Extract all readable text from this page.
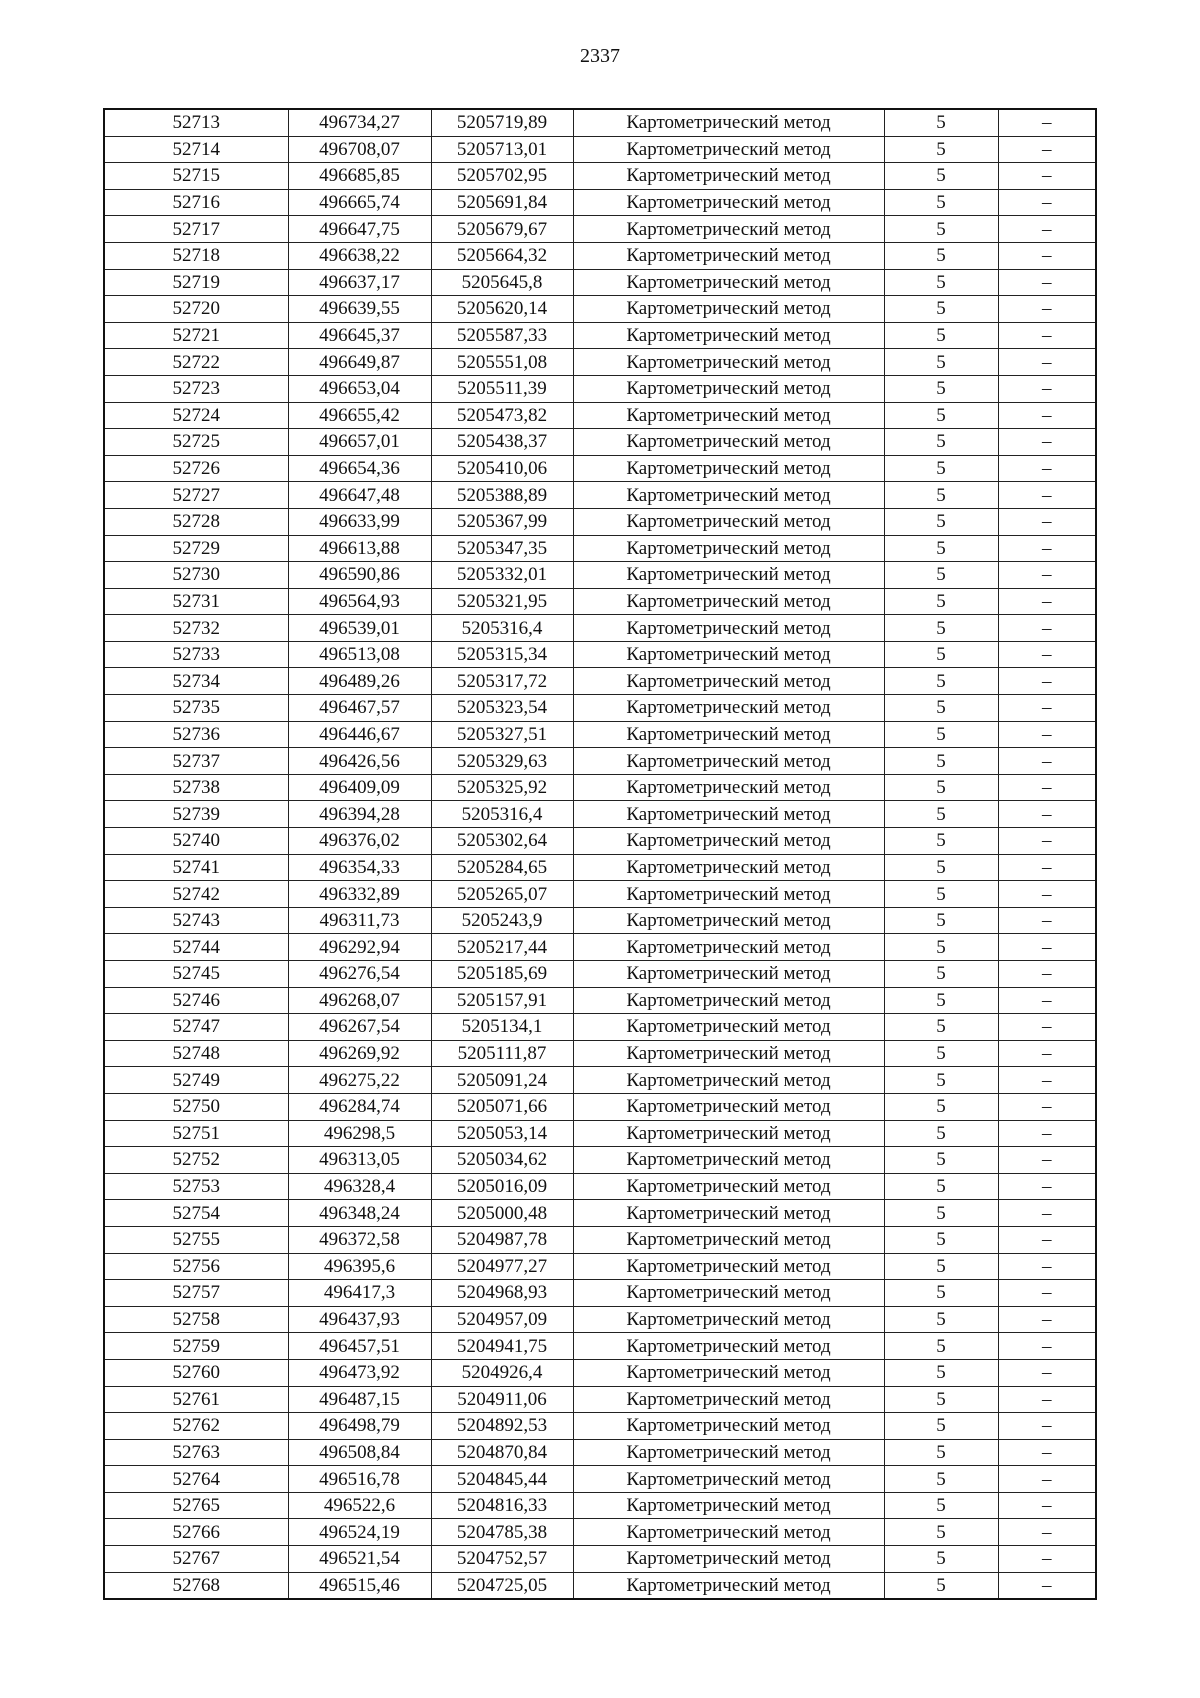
2337
52713	496734,27	5205719,89	Картометрический метод	5	–
52714	496708,07	5205713,01	Картометрический метод	5	–
52715	496685,85	5205702,95	Картометрический метод	5	–
52716	496665,74	5205691,84	Картометрический метод	5	–
52717	496647,75	5205679,67	Картометрический метод	5	–
52718	496638,22	5205664,32	Картометрический метод	5	–
52719	496637,17	5205645,8	Картометрический метод	5	–
52720	496639,55	5205620,14	Картометрический метод	5	–
52721	496645,37	5205587,33	Картометрический метод	5	–
52722	496649,87	5205551,08	Картометрический метод	5	–
52723	496653,04	5205511,39	Картометрический метод	5	–
52724	496655,42	5205473,82	Картометрический метод	5	–
52725	496657,01	5205438,37	Картометрический метод	5	–
52726	496654,36	5205410,06	Картометрический метод	5	–
52727	496647,48	5205388,89	Картометрический метод	5	–
52728	496633,99	5205367,99	Картометрический метод	5	–
52729	496613,88	5205347,35	Картометрический метод	5	–
52730	496590,86	5205332,01	Картометрический метод	5	–
52731	496564,93	5205321,95	Картометрический метод	5	–
52732	496539,01	5205316,4	Картометрический метод	5	–
52733	496513,08	5205315,34	Картометрический метод	5	–
52734	496489,26	5205317,72	Картометрический метод	5	–
52735	496467,57	5205323,54	Картометрический метод	5	–
52736	496446,67	5205327,51	Картометрический метод	5	–
52737	496426,56	5205329,63	Картометрический метод	5	–
52738	496409,09	5205325,92	Картометрический метод	5	–
52739	496394,28	5205316,4	Картометрический метод	5	–
52740	496376,02	5205302,64	Картометрический метод	5	–
52741	496354,33	5205284,65	Картометрический метод	5	–
52742	496332,89	5205265,07	Картометрический метод	5	–
52743	496311,73	5205243,9	Картометрический метод	5	–
52744	496292,94	5205217,44	Картометрический метод	5	–
52745	496276,54	5205185,69	Картометрический метод	5	–
52746	496268,07	5205157,91	Картометрический метод	5	–
52747	496267,54	5205134,1	Картометрический метод	5	–
52748	496269,92	5205111,87	Картометрический метод	5	–
52749	496275,22	5205091,24	Картометрический метод	5	–
52750	496284,74	5205071,66	Картометрический метод	5	–
52751	496298,5	5205053,14	Картометрический метод	5	–
52752	496313,05	5205034,62	Картометрический метод	5	–
52753	496328,4	5205016,09	Картометрический метод	5	–
52754	496348,24	5205000,48	Картометрический метод	5	–
52755	496372,58	5204987,78	Картометрический метод	5	–
52756	496395,6	5204977,27	Картометрический метод	5	–
52757	496417,3	5204968,93	Картометрический метод	5	–
52758	496437,93	5204957,09	Картометрический метод	5	–
52759	496457,51	5204941,75	Картометрический метод	5	–
52760	496473,92	5204926,4	Картометрический метод	5	–
52761	496487,15	5204911,06	Картометрический метод	5	–
52762	496498,79	5204892,53	Картометрический метод	5	–
52763	496508,84	5204870,84	Картометрический метод	5	–
52764	496516,78	5204845,44	Картометрический метод	5	–
52765	496522,6	5204816,33	Картометрический метод	5	–
52766	496524,19	5204785,38	Картометрический метод	5	–
52767	496521,54	5204752,57	Картометрический метод	5	–
52768	496515,46	5204725,05	Картометрический метод	5	–
